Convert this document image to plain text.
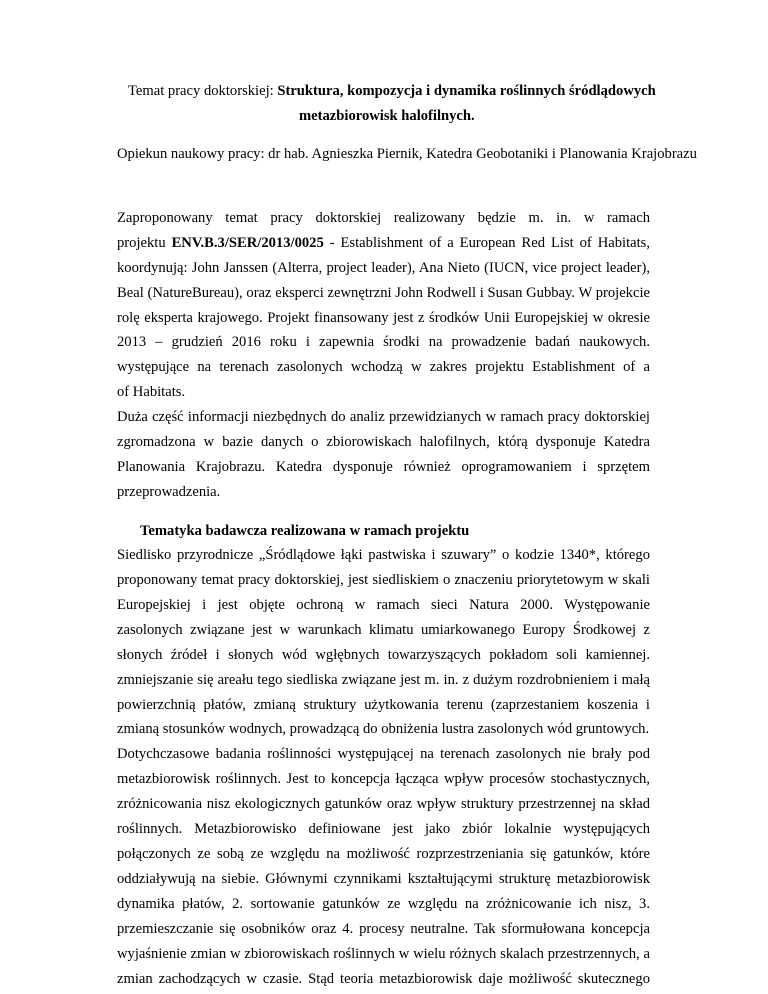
Temat pracy doktorskiej: Struktura, kompozycja i dynamika roślinnych śródlądowych
metazbiorowisk halofilnych.
Opiekun naukowy pracy: dr hab. Agnieszka Piernik, Katedra Geobotaniki i Planowania Krajobrazu
Zaproponowany temat pracy doktorskiej realizowany będzie m. in. w ramach
projektu ENV.B.3/SER/2013/0025 - Establishment of a European Red List of Habitats,
koordynują: John Janssen (Alterra, project leader), Ana Nieto (IUCN, vice project leader),
Beal (NatureBureau), oraz eksperci zewnętrzni John Rodwell i Susan Gubbay. W projekcie
rolę eksperta krajowego. Projekt finansowany jest z środków Unii Europejskiej w okresie
2013 – grudzień 2016 roku i zapewnia środki na prowadzenie badań naukowych.
występujące na terenach zasolonych wchodzą w zakres projektu Establishment of a
of Habitats.
Duża część informacji niezbędnych do analiz przewidzianych w ramach pracy doktorskiej
zgromadzona w bazie danych o zbiorowiskach halofilnych, którą dysponuje Katedra
Planowania Krajobrazu. Katedra dysponuje również oprogramowaniem i sprzętem
przeprowadzenia.
Tematyka badawcza realizowana w ramach projektu
Siedlisko przyrodnicze „Śródlądowe łąki pastwiska i szuwary” o kodzie 1340*, którego
proponowany temat pracy doktorskiej, jest siedliskiem o znaczeniu priorytetowym w skali
Europejskiej i jest objęte ochroną w ramach sieci Natura 2000. Występowanie
zasolonych związane jest w warunkach klimatu umiarkowanego Europy Środkowej z
słonych źródeł i słonych wód wgłębnych towarzyszących pokładom soli kamiennej.
zmniejszanie się areału tego siedliska związane jest m. in. z dużym rozdrobnieniem i małą
powierzchnią płatów, zmianą struktury użytkowania terenu (zaprzestaniem koszenia i
zmianą stosunków wodnych, prowadzącą do obniżenia lustra zasolonych wód gruntowych.
Dotychczasowe badania roślinności występującej na terenach zasolonych nie brały pod
metazbiorowisk roślinnych. Jest to koncepcja łącząca wpływ procesów stochastycznych,
zróżnicowania nisz ekologicznych gatunków oraz wpływ struktury przestrzennej na skład
roślinnych. Metazbiorowisko definiowane jest jako zbiór lokalnie występujących
połączonych ze sobą ze względu na możliwość rozprzestrzeniania się gatunków, które
oddziaływują na siebie. Głównymi czynnikami kształtującymi strukturę metazbiorowisk
dynamika płatów, 2. sortowanie gatunków ze względu na zróżnicowanie ich nisz, 3.
przemieszczanie się osobników oraz 4. procesy neutralne. Tak sformułowana koncepcja
wyjaśnienie zmian w zbiorowiskach roślinnych w wielu różnych skalach przestrzennych, a
zmian zachodzących w czasie. Stąd teoria metazbiorowisk daje możliwość skutecznego
